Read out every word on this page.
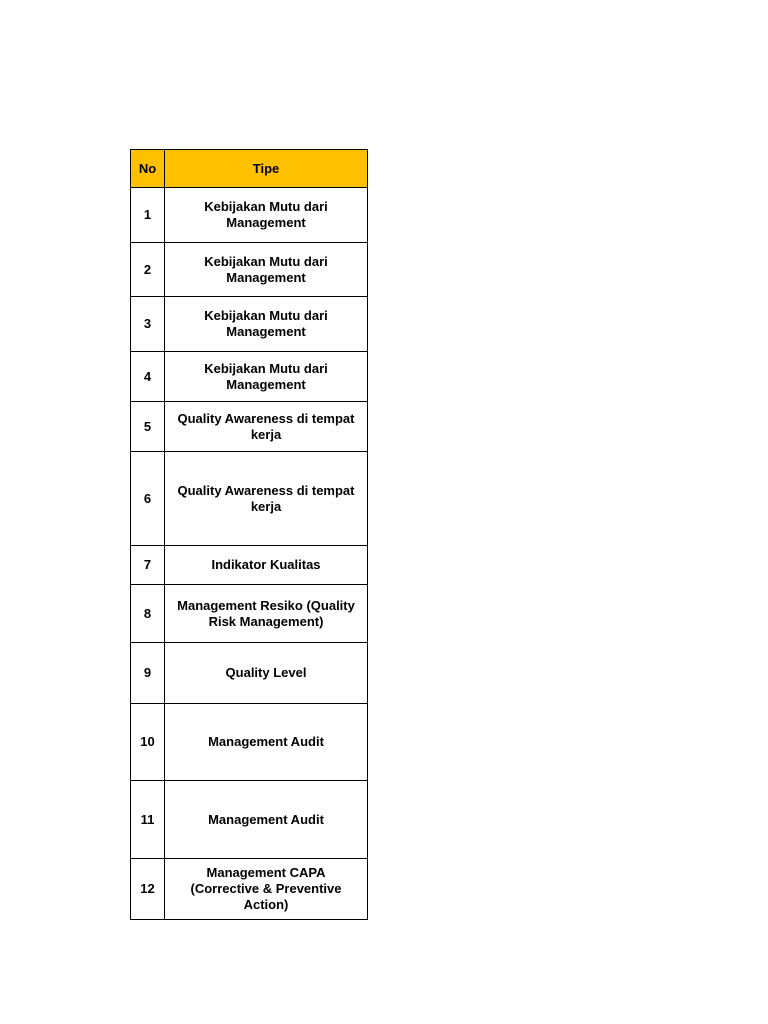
No	Tipe
1	Kebijakan Mutu dari Management
2	Kebijakan Mutu dari Management
3	Kebijakan Mutu dari Management
4	Kebijakan Mutu dari Management
5	Quality Awareness di tempat kerja
6	Quality Awareness di tempat kerja
7	Indikator Kualitas
8	Management Resiko (Quality Risk Management)
9	Quality Level
10	Management Audit
11	Management Audit
12	Management CAPA (Corrective & Preventive Action)
